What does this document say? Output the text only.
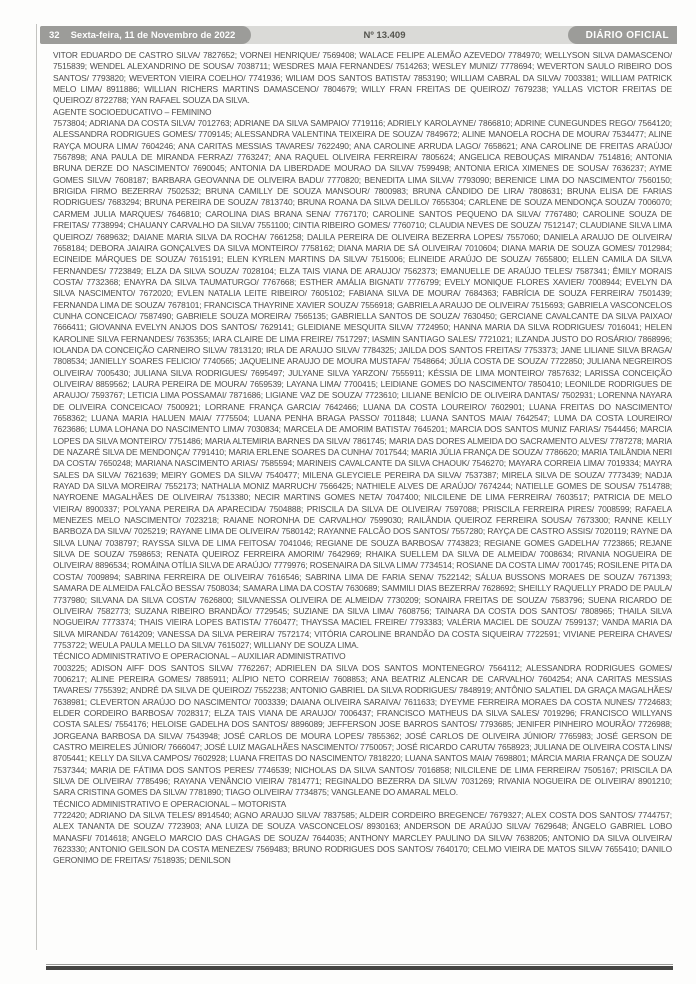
32 Sexta-feira, 11 de Novembro de 2022	Nº 13.409	DIÁRIO OFICIAL

VITOR EDUARDO DE CASTRO SILVA/ 7827652; VORNEI HENRIQUE/ 7569408; WALACE FELIPE ALEMÃO AZEVEDO/ 7784970; WELLYSON SILVA DAMASCENO/ 7515839; WENDEL ALEXANDRINO DE SOUSA/ 7038711; WESDRES MAIA FERNANDES/ 7514263; WESLEY MUNIZ/ 7778694; WEVERTON SAULO RIBEIRO DOS SANTOS/ 7793820; WEVERTON VIEIRA COELHO/ 7741936; WILIAM DOS SANTOS BATISTA/ 7853190; WILLIAM CABRAL DA SILVA/ 7003381; WILLIAM PATRICK MELO LIMA/ 8911886; WILLIAN RICHERS MARTINS DAMASCENO/ 7804679; WILLY FRAN FREITAS DE QUEIROZ/ 7679238; YALLAS VICTOR FREITAS DE QUEIROZ/ 8722788; YAN RAFAEL SOUZA DA SILVA.

AGENTE SOCIOEDUCATIVO – FEMININO

7573804; ADRIANA DA COSTA SILVA/ 7012763; ADRIANE DA SILVA SAMPAIO/ 7719116; ADRIELY KAROLAYNE/ 7866810; ADRINE CUNEGUNDES REGO/ 7564120; ALESSANDRA RODRIGUES GOMES/ 7709145; ALESSANDRA VALENTINA TEIXEIRA DE SOUZA/ 7849672; ALINE MANOELA ROCHA DE MOURA/ 7534477; ALINE RAYÇA MOURA LIMA/ 7604246; ANA CARITAS MESSIAS TAVARES/ 7622490; ANA CAROLINE ARRUDA LAGO/ 7658621; ANA CAROLINE DE FREITAS ARAÚJO/ 7567898; ANA PAULA DE MIRANDA FERRAZ/ 7763247; ANA RAQUEL OLIVEIRA FERREIRA/ 7805624; ANGELICA REBOUÇAS MIRANDA/ 7514816; ANTONIA BRUNA DERZE DO NASCIMENTO/ 7690045; ANTONIA DA LIBERDADE MOURAO DA SILVA/ 7599498; ANTONIA ERICA XIMENES DE SOUSA/ 7636237; AYME GOMES SILVA/ 7608187; BARBARA GEOVANNA DE OLIVEIRA BADU/ 7770820; BENEDITA LIMA SILVA/ 7793090; BERENICE LIMA DO NASCIMENTO/ 7560150; BRIGIDA FIRMO BEZERRA/ 7502532; BRUNA CAMILLY DE SOUZA MANSOUR/ 7800983; BRUNA CÂNDIDO DE LIRA/ 7808631; BRUNA ELISA DE FARIAS RODRIGUES/ 7683294; BRUNA PEREIRA DE SOUZA/ 7813740; BRUNA ROANA DA SILVA DELILO/ 7655304; CARLENE DE SOUZA MENDONÇA SOUZA/ 7006070; CARMEM JULIA MARQUES/ 7646810; CAROLINA DIAS BRANA SENA/ 7767170; CAROLINE SANTOS PEQUENO DA SILVA/ 7767480; CAROLINE SOUZA DE FREITAS/ 7738994; CHAUANY CARVALHO DA SILVA/ 7551100; CINTIA RIBEIRO GOMES/ 7760710; CLAUDIA NEVES DE SOUZA/ 7512147; CLAUDIANE SILVA LIMA QUEIROZ/ 7689632; DAIANE MARIA SILVA DA ROCHA/ 7661258; DALILA PEREIRA DE OLIVEIRA BEZERRA LOPES/ 7557060; DANIELA ARAUJO DE OLIVEIRA/ 7658184; DEBORA JAIAIRA GONÇALVES DA SILVA MONTEIRO/ 7758162; DIANA MARIA DE SÁ OLIVEIRA/ 7010604; DIANA MARIA DE SOUZA GOMES/ 7012984; ECINEIDE MÁRQUES DE SOUZA/ 7615191; ELEN KYRLEN MARTINS DA SILVA/ 7515006; ELINEIDE ARAÚJO DE SOUZA/ 7655800; ELLEN CAMILA DA SILVA FERNANDES/ 7723849; ELZA DA SILVA SOUZA/ 7028104; ELZA TAIS VIANA DE ARAUJO/ 7562373; EMANUELLE DE ARAÚJO TELES/ 7587341; ÊMILY MORAIS COSTA/ 7732368; ENAYRA DA SILVA TAUMATURGO/ 7767668; ESTHER AMÁLIA BIGNATI/ 7776799; EVELY MONIQUE FLORES XAVIER/ 7008944; EVELYN DA SILVA NASCIMENTO/ 7672020; EVLEN NATALIA LEITE RIBEIRO/ 7605102; FABIANA SILVA DE MOURA/ 7684363; FABRÍCIA DE SOUZA FERREIRA/ 7501439; FERNANDA LIMA DE SOUZA/ 7678101; FRANCISCA THAYRINE XAVIER SOUZA/ 7556918; GABRIELA ARAUJO DE OLIVEIRA/ 7515693; GABRIELA VASCONCELOS CUNHA CONCEICAO/ 7587490; GABRIELE SOUZA MOREIRA/ 7565135; GABRIELLA SANTOS DE SOUZA/ 7630450; GERCIANE CAVALCANTE DA SILVA PAIXAO/ 7666411; GIOVANNA EVELYN ANJOS DOS SANTOS/ 7629141; GLEIDIANE MESQUITA SILVA/ 7724950; HANNA MARIA DA SILVA RODRIGUES/ 7016041; HELEN KAROLINE SILVA FERNANDES/ 7635355; IARA CLAIRE DE LIMA FREIRE/ 7517297; IASMIN SANTIAGO SALES/ 7721021; ILZANDA JUSTO DO ROSÁRIO/ 7868996; IOLANDA DA CONCEIÇÃO CARNEIRO SILVA/ 7813120; IRLA DE ARAUJO SILVA/ 7784325; JAILDA DOS SANTOS FREITAS/ 7753373; JANE LILIANE SILVA BRAGA/ 7808534; JANIELLY SOARES FELICIO/ 7740565; JAQUELINE ARAUJO DE MOURA MUSTAFA/ 7548664; JÚLIA COSTA DE SOUZA/ 7722850; JULIANA NEGREIROS OLIVEIRA/ 7005430; JULIANA SILVA RODRIGUES/ 7695497; JULYANE SILVA YARZON/ 7555911; KÉSSIA DE LIMA MONTEIRO/ 7857632; LARISSA CONCEIÇÃO OLIVEIRA/ 8859562; LAURA PEREIRA DE MOURA/ 7659539; LAYANA LIMA/ 7700415; LEIDIANE GOMES DO NASCIMENTO/ 7850410; LEONILDE RODRIGUES DE ARAUJO/ 7593767; LETICIA LIMA POSSAMAI/ 7871686; LIGIANE VAZ DE SOUZA/ 7723610; LILIANE BENÍCIO DE OLIVEIRA DANTAS/ 7502931; LORENNA NAYARA DE OLIVEIRA CONCEICAO/ 7500921; LORRANE FRANÇA GARCIA/ 7642466; LUANA DA COSTA LOUREIRO/ 7602901; LUANA FREITAS DO NASCIMENTO/ 7658362; LUANA MARIA HALUEN MAIA/ 7775504; LUANA PENHA BRAGA PASSO/ 7011848; LUANA SANTOS MAIA/ 7642547; LUMA DA COSTA LOUREIRO/ 7623686; LUMA LOHANA DO NASCIMENTO LIMA/ 7030834; MARCELA DE AMORIM BATISTA/ 7645201; MARCIA DOS SANTOS MUNIZ FARIAS/ 7544456; MARCIA LOPES DA SILVA MONTEIRO/ 7751486; MARIA ALTEMIRIA BARNES DA SILVA/ 7861745; MARIA DAS DORES ALMEIDA DO SACRAMENTO ALVES/ 7787278; MARIA DE NAZARÉ SILVA DE MENDONÇA/ 7791410; MARIA ERLENE SOARES DA CUNHA/ 7017544; MARIA JÚLIA FRANÇA DE SOUZA/ 7786620; MARIA TAILÂNDIA NERI DA COSTA/ 7650248; MARIANA NASCIMENTO ARIAS/ 7585594; MARINEIS CAVALCANTE DA SILVA CHAOUK/ 7546270; MAYARA CORREIA LIMA/ 7019334; MAYRA SALES DA SILVA/ 7621639; MEIRY GOMES DA SILVA/ 7540477; MILENA GLEYCIELE PEREIRA DA SILVA/ 7537387; MIRELA SILVA DE SOUZA/ 7773439; NADJA RAYAD DA SILVA MOREIRA/ 7552173; NATHALIA MONIZ MARRUCH/ 7566425; NATHIELE ALVES DE ARAÚJO/ 7674244; NATIELLE GOMES DE SOUSA/ 7514788; NAYROENE MAGALHÃES DE OLIVEIRA/ 7513380; NECIR MARTINS GOMES NETA/ 7047400; NILCILENE DE LIMA FERREIRA/ 7603517; PATRICIA DE MELO VIEIRA/ 8900337; POLYANA PEREIRA DA APARECIDA/ 7504888; PRISCILA DA SILVA DE OLIVEIRA/ 7597088; PRISCILA FERREIRA PIRES/ 7008599; RAFAELA MENEZES MELO NASCIMENTO/ 7023218; RAIANE NORONHA DE CARVALHO/ 7599030; RAILÂNDIA QUEIROZ FERREIRA SOUSA/ 7673300; RANNE KELLY BARBOZA DA SILVA/ 7025219; RAYANE LIMA DE OLIVEIRA/ 7580142; RAYANNE FALCÃO DOS SANTOS/ 7557280; RAYÇA DE CASTRO ASSIS/ 7020119; RAYNE DA SILVA LUNA/ 7038797; RAYSSA SILVA DE LIMA FEITOSA/ 7041046; REGIANE DE SOUZA BARBOSA/ 7743823; REGIANE GOMES GADELHA/ 7723865; REJANE SILVA DE SOUZA/ 7598653; RENATA QUEIROZ FERREIRA AMORIM/ 7642969; RHAIKA SUELLEM DA SILVA DE ALMEIDA/ 7008634; RIVANIA NOGUEIRA DE OLIVEIRA/ 8896534; ROMÁINA OTÍLIA SILVA DE ARAÚJO/ 7779976; ROSENAIRA DA SILVA LIMA/ 7734514; ROSIANE DA COSTA LIMA/ 7001745; ROSILENE PITA DA COSTA/ 7009894; SABRINA FERREIRA DE OLIVEIRA/ 7616546; SABRINA LIMA DE FARIA SENA/ 7522142; SÁLUA BUSSONS MORAES DE SOUZA/ 7671393; SAMARA DE ALMEIDA FALCÃO BESSA/ 7508034; SAMARA LIMA DA COSTA/ 7630689; SAMMILI DIAS BEZERRA/ 7628692; SHEILLY RAQUELLY PRADO DE PAULA/ 7737980; SILVANA DA SILVA COSTA/ 7626800; SILVANESSA OLIVEIRA DE ALMEIDA/ 7730209; SONAIRA FREITAS DE SOUZA/ 7583796; SUENA RICARDO DE OLIVEIRA/ 7582773; SUZANA RIBEIRO BRANDÃO/ 7729545; SUZIANE DA SILVA LIMA/ 7608756; TAINARA DA COSTA DOS SANTOS/ 7808965; THAILA SILVA NOGUEIRA/ 7773374; THAIS VIEIRA LOPES BATISTA/ 7760477; THAYSSA MACIEL FREIRE/ 7793383; VALÉRIA MACIEL DE SOUZA/ 7599137; VANDA MARIA DA SILVA MIRANDA/ 7614209; VANESSA DA SILVA PEREIRA/ 7572174; VITÓRIA CAROLINE BRANDÃO DA COSTA SIQUEIRA/ 7722591; VIVIANE PEREIRA CHAVES/ 7753722; WEULA PAULA MELLO DA SILVA/ 7615027; WILLIANY DE SOUZA LIMA.

TÉCNICO ADMINISTRATIVO E OPERACIONAL – AUXILIAR ADMINISTRATIVO

7003225; ADISON AIFF DOS SANTOS SILVA/ 7762267; ADRIELEN DA SILVA DOS SANTOS MONTENEGRO/ 7564112; ALESSANDRA RODRIGUES GOMES/ 7006217; ALINE PEREIRA GOMES/ 7885911; ALÍPIO NETO CORREIA/ 7608853; ANA BEATRIZ ALENCAR DE CARVALHO/ 7604254; ANA CARITAS MESSIAS TAVARES/ 7755392; ANDRÉ DA SILVA DE QUEIROZ/ 7552238; ANTONIO GABRIEL DA SILVA RODRIGUES/ 7848919; ANTÔNIO SALATIEL DA GRAÇA MAGALHÃES/ 7638981; CLEVERTON ARAÚJO DO NASCIMENTO/ 7003339; DAIANA OLIVEIRA SARAIVA/ 7611633; DYEYME FERREIRA MORAES DA COSTA NUNES/ 7724683; ELDER CORDEIRO BARBOSA/ 7028317; ELZA TAIS VIANA DE ARAUJO/ 7006437; FRANCISCO MATHEUS DA SILVA SALES/ 7019296; FRANCISCO WILLYANS COSTA SALES/ 7554176; HELOISE GADELHA DOS SANTOS/ 8896089; JEFFERSON JOSE BARROS SANTOS/ 7793685; JENIFER PINHEIRO MOURÃO/ 7726988; JORGEANA BARBOSA DA SILVA/ 7543948; JOSÉ CARLOS DE MOURA LOPES/ 7855362; JOSÉ CARLOS DE OLIVEIRA JÚNIOR/ 7765983; JOSÉ GERSON DE CASTRO MEIRELES JÚNIOR/ 7666047; JOSÉ LUIZ MAGALHÃES NASCIMENTO/ 7750057; JOSÉ RICARDO CARUTA/ 7658923; JULIANA DE OLIVEIRA COSTA LINS/ 8705441; KELLY DA SILVA CAMPOS/ 7602928; LUANA FREITAS DO NASCIMENTO/ 7818220; LUANA SANTOS MAIA/ 7698801; MÁRCIA MARIA FRANÇA DE SOUZA/ 7537344; MARIA DE FÁTIMA DOS SANTOS PERES/ 7746539; NICHOLAS DA SILVA SANTOS/ 7016858; NILCILENE DE LIMA FERREIRA/ 7505167; PRISCILA DA SILVA DE OLIVEIRA/ 7785496; RAYANA VENÂNCIO VIEIRA/ 7814771; REGINALDO BEZERRA DA SILVA/ 7031269; RIVANIA NOGUEIRA DE OLIVEIRA/ 8901210; SARA CRISTINA GOMES DA SILVA/ 7781890; TIAGO OLIVEIRA/ 7734875; VANGLEANE DO AMARAL MELO.

TÉCNICO ADMINISTRATIVO E OPERACIONAL – MOTORISTA

7722420; ADRIANO DA SILVA TELES/ 8914540; AGNO ARAUJO SILVA/ 7837585; ALDEIR CORDEIRO BREGENCE/ 7679327; ALEX COSTA DOS SANTOS/ 7744757; ALEX TANANTA DE SOUZA/ 7723903; ANA LUIZA DE SOUZA VASCONCELOS/ 8930163; ANDERSON DE ARAÚJO SILVA/ 7629648; ÂNGELO GABRIEL LOBO MANASFI/ 7014618; ANGELO MARCIO DAS CHAGAS DE SOUZA/ 7644035; ANTHONY MARCLEY PAULINO DA SILVA/ 7638205; ANTONIO DA SILVA OLIVEIRA/ 7623330; ANTONIO GEILSON DA COSTA MENEZES/ 7569483; BRUNO RODRIGUES DOS SANTOS/ 7640170; CELMO VIEIRA DE MATOS SILVA/ 7655410; DANILO GERONIMO DE FREITAS/ 7518935; DENILSON
